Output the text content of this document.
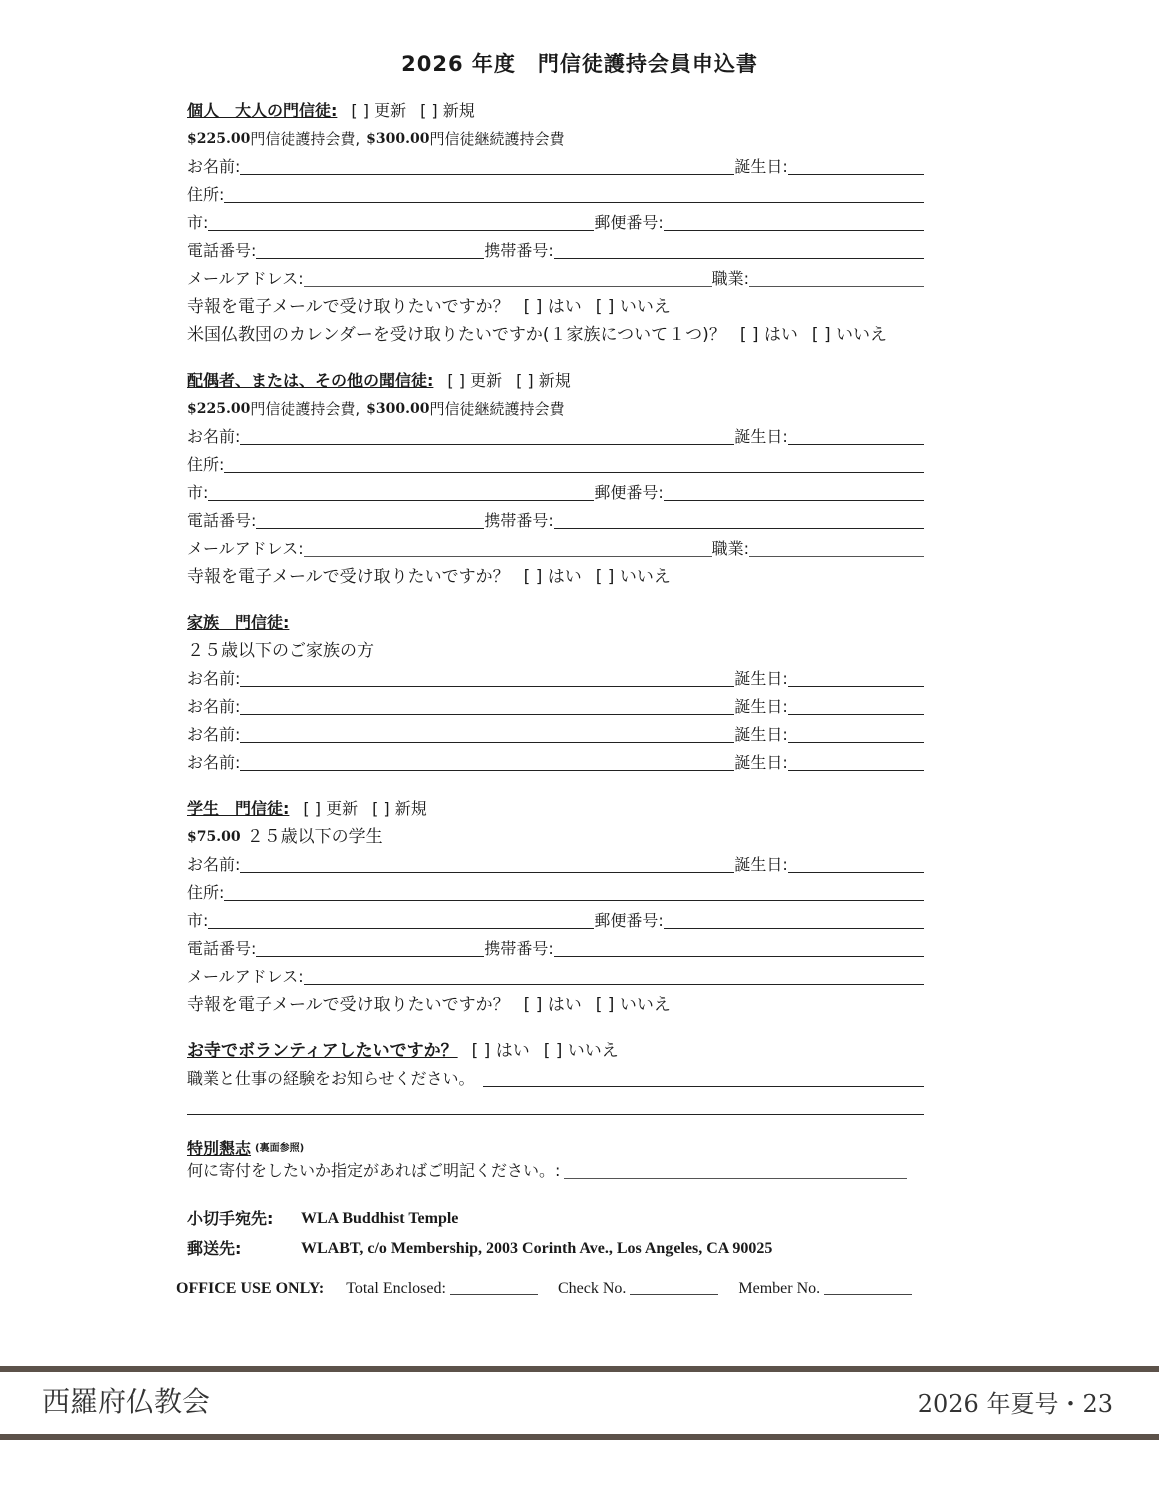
2026 年度　門信徒護持会員申込書
個人　大人の門信徒: [ ] 更新 [ ] 新規
$225.00 門信徒護持会費, $300.00 門信徒継続護持会費
お名前:	誕生日:
住所:
市:	郵便番号:
電話番号:	携帯番号:
メールアドレス:	職業:
寺報を電子メールで受け取りたいですか？ [ ] はい [ ] いいえ
米国仏教団のカレンダーを受け取りたいですか(１家族について１つ)？ [ ] はい [ ] いいえ
配偶者、または、その他の聞信徒: [ ] 更新 [ ] 新規
$225.00 門信徒護持会費, $300.00 門信徒継続護持会費
お名前:	誕生日:
住所:
市:	郵便番号:
電話番号:	携帯番号:
メールアドレス:	職業:
寺報を電子メールで受け取りたいですか？ [ ] はい [ ] いいえ
家族　門信徒:
２５歳以下のご家族の方
お名前:	誕生日:
お名前:	誕生日:
お名前:	誕生日:
お名前:	誕生日:
学生　門信徒: [ ] 更新 [ ] 新規
$75.00 ２５歳以下の学生
お名前:	誕生日:
住所:
市:	郵便番号:
電話番号:	携帯番号:
メールアドレス:
寺報を電子メールで受け取りたいですか？ [ ] はい [ ] いいえ
お寺でボランティアしたいですか？ [ ] はい [ ] いいえ
職業と仕事の経験をお知らせください。
特別懇志 (裏面参照)
何に寄付をしたいか指定があればご明記ください。:
小切手宛先:	WLA Buddhist Temple
郵送先:	WLABT, c/o Membership, 2003 Corinth Ave., Los Angeles, CA 90025
OFFICE USE ONLY: Total Enclosed:	Check No.	Member No.
西羅府仏教会	2026 年夏号・23
